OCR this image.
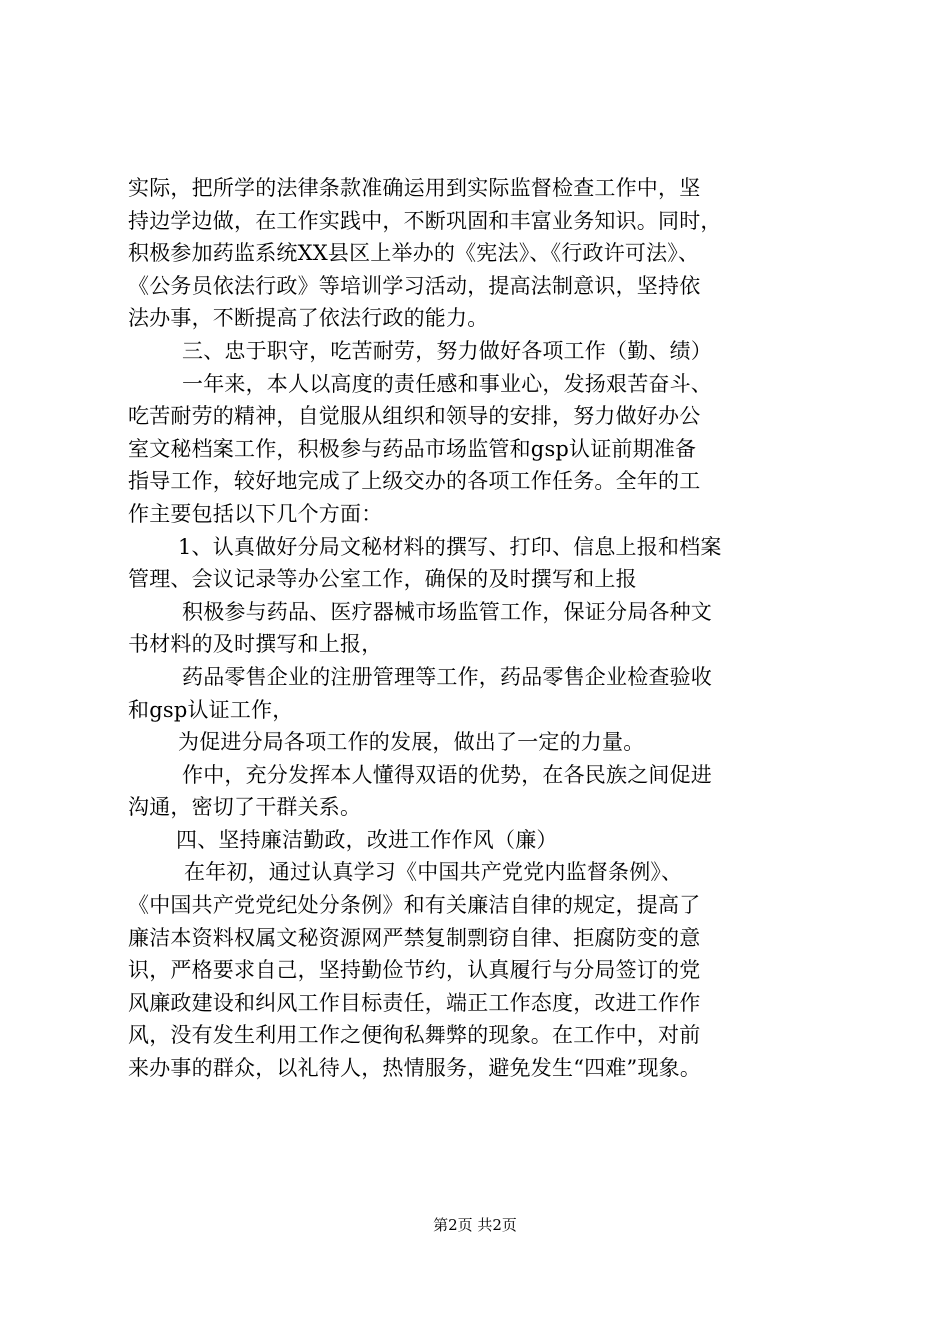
实际，把所学的法律条款准确运用到实际监督检查工作中，坚
持边学边做，在工作实践中，不断巩固和丰富业务知识。同时，
积极参加药监系统XX县区上举办的《宪法》、《行政许可法》、
《公务员依法行政》等培训学习活动，提高法制意识，坚持依
法办事，不断提高了依法行政的能力。
三、忠于职守，吃苦耐劳，努力做好各项工作（勤、绩）
一年来，本人以高度的责任感和事业心，发扬艰苦奋斗、
吃苦耐劳的精神，自觉服从组织和领导的安排，努力做好办公
室文秘档案工作，积极参与药品市场监管和gsp认证前期准备
指导工作，较好地完成了上级交办的各项工作任务。全年的工
作主要包括以下几个方面：
1、认真做好分局文秘材料的撰写、打印、信息上报和档案
管理、会议记录等办公室工作，确保的及时撰写和上报
积极参与药品、医疗器械市场监管工作，保证分局各种文
书材料的及时撰写和上报，
药品零售企业的注册管理等工作，药品零售企业检查验收
和gsp认证工作，
为促进分局各项工作的发展，做出了一定的力量。
作中，充分发挥本人懂得双语的优势，在各民族之间促进
沟通，密切了干群关系。
四、坚持廉洁勤政，改进工作作风（廉）
在年初，通过认真学习《中国共产党党内监督条例》、
《中国共产党党纪处分条例》和有关廉洁自律的规定，提高了
廉洁本资料权属文秘资源网严禁复制剽窃自律、拒腐防变的意
识，严格要求自己，坚持勤俭节约，认真履行与分局签订的党
风廉政建设和纠风工作目标责任，端正工作态度，改进工作作
风，没有发生利用工作之便徇私舞弊的现象。在工作中，对前
来办事的群众，以礼待人，热情服务，避免发生“四难”现象。
第2页 共2页
